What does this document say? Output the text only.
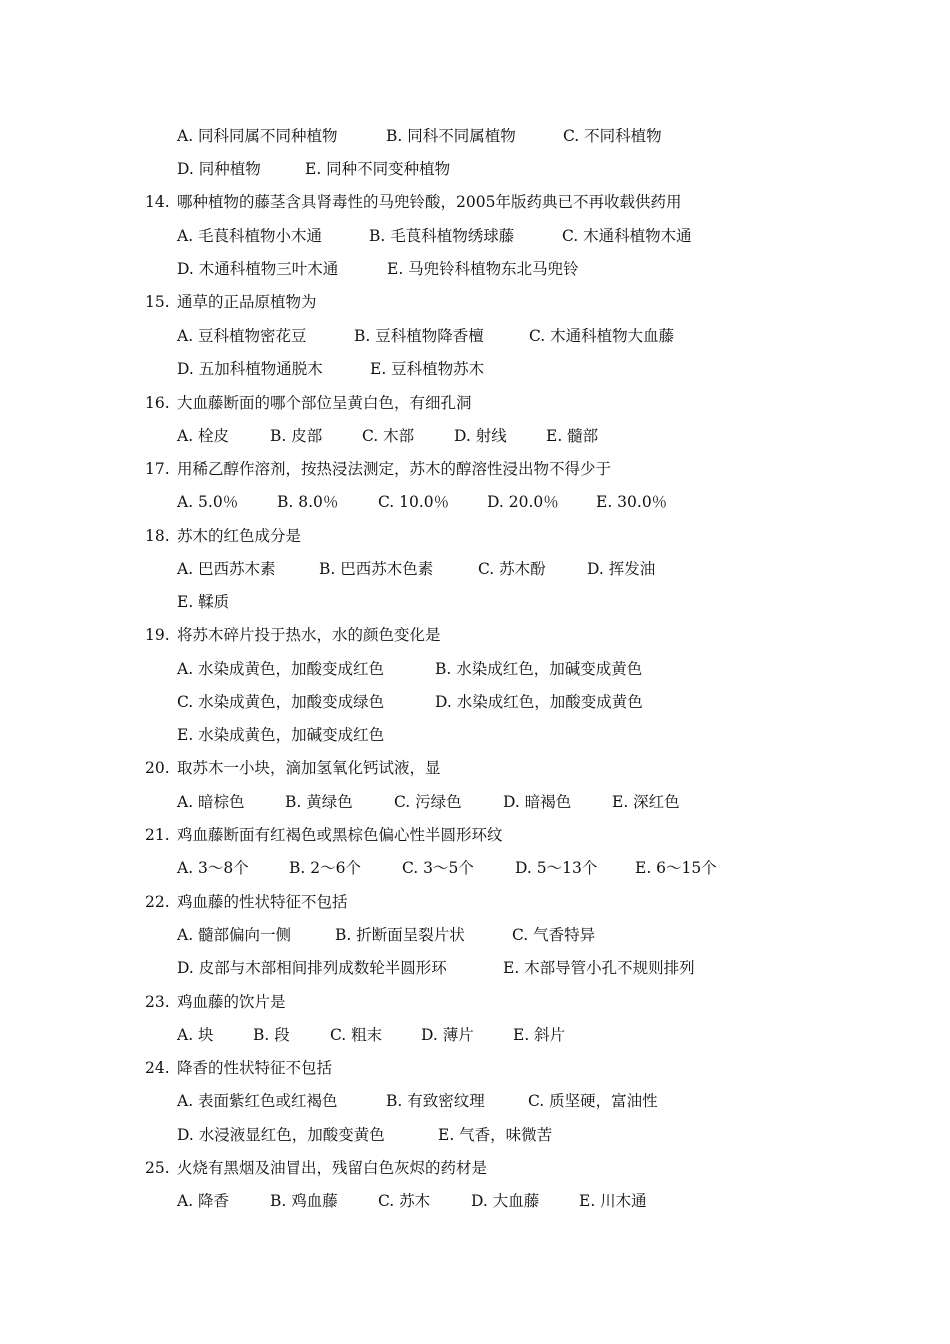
A. 同科同属不同种植物	B. 同科不同属植物	C. 不同科植物
D. 同种植物	E. 同种不同变种植物
14. 哪种植物的藤茎含具肾毒性的马兜铃酸，2005年版药典已不再收载供药用
A. 毛茛科植物小木通	B. 毛茛科植物绣球藤	C. 木通科植物木通
D. 木通科植物三叶木通	E. 马兜铃科植物东北马兜铃
15. 通草的正品原植物为
A. 豆科植物密花豆	B. 豆科植物降香檀	C. 木通科植物大血藤
D. 五加科植物通脱木	E. 豆科植物苏木
16. 大血藤断面的哪个部位呈黄白色，有细孔洞
A. 栓皮	B. 皮部	C. 木部	D. 射线	E. 髓部
17. 用稀乙醇作溶剂，按热浸法测定，苏木的醇溶性浸出物不得少于
A. 5.0％	B. 8.0％	C. 10.0％ D. 20.0％ E. 30.0％
18. 苏木的红色成分是
A. 巴西苏木素	B. 巴西苏木色素	C. 苏木酚	D. 挥发油
E. 鞣质
19. 将苏木碎片投于热水，水的颜色变化是
A. 水染成黄色，加酸变成红色	B. 水染成红色，加碱变成黄色
C. 水染成黄色，加酸变成绿色	D. 水染成红色，加酸变成黄色
E. 水染成黄色，加碱变成红色
20. 取苏木一小块，滴加氢氧化钙试液，显
A. 暗棕色	B. 黄绿色	C. 污绿色	D. 暗褐色	E. 深红色
21. 鸡血藤断面有红褐色或黑棕色偏心性半圆形环纹
A. 3～8个	B. 2～6个	C. 3～5个	D. 5～13个 E. 6～15个
22. 鸡血藤的性状特征不包括
A. 髓部偏向一侧	B. 折断面呈裂片状	C. 气香特异
D. 皮部与木部相间排列成数轮半圆形环	E. 木部导管小孔不规则排列
23. 鸡血藤的饮片是
A. 块	B. 段	C. 粗末	D. 薄片	E. 斜片
24. 降香的性状特征不包括
A. 表面紫红色或红褐色	B. 有致密纹理	C. 质坚硬，富油性
D. 水浸液显红色，加酸变黄色	E. 气香，味微苦
25. 火烧有黑烟及油冒出，残留白色灰烬的药材是
A. 降香	B. 鸡血藤	C. 苏木	D. 大血藤	E. 川木通
